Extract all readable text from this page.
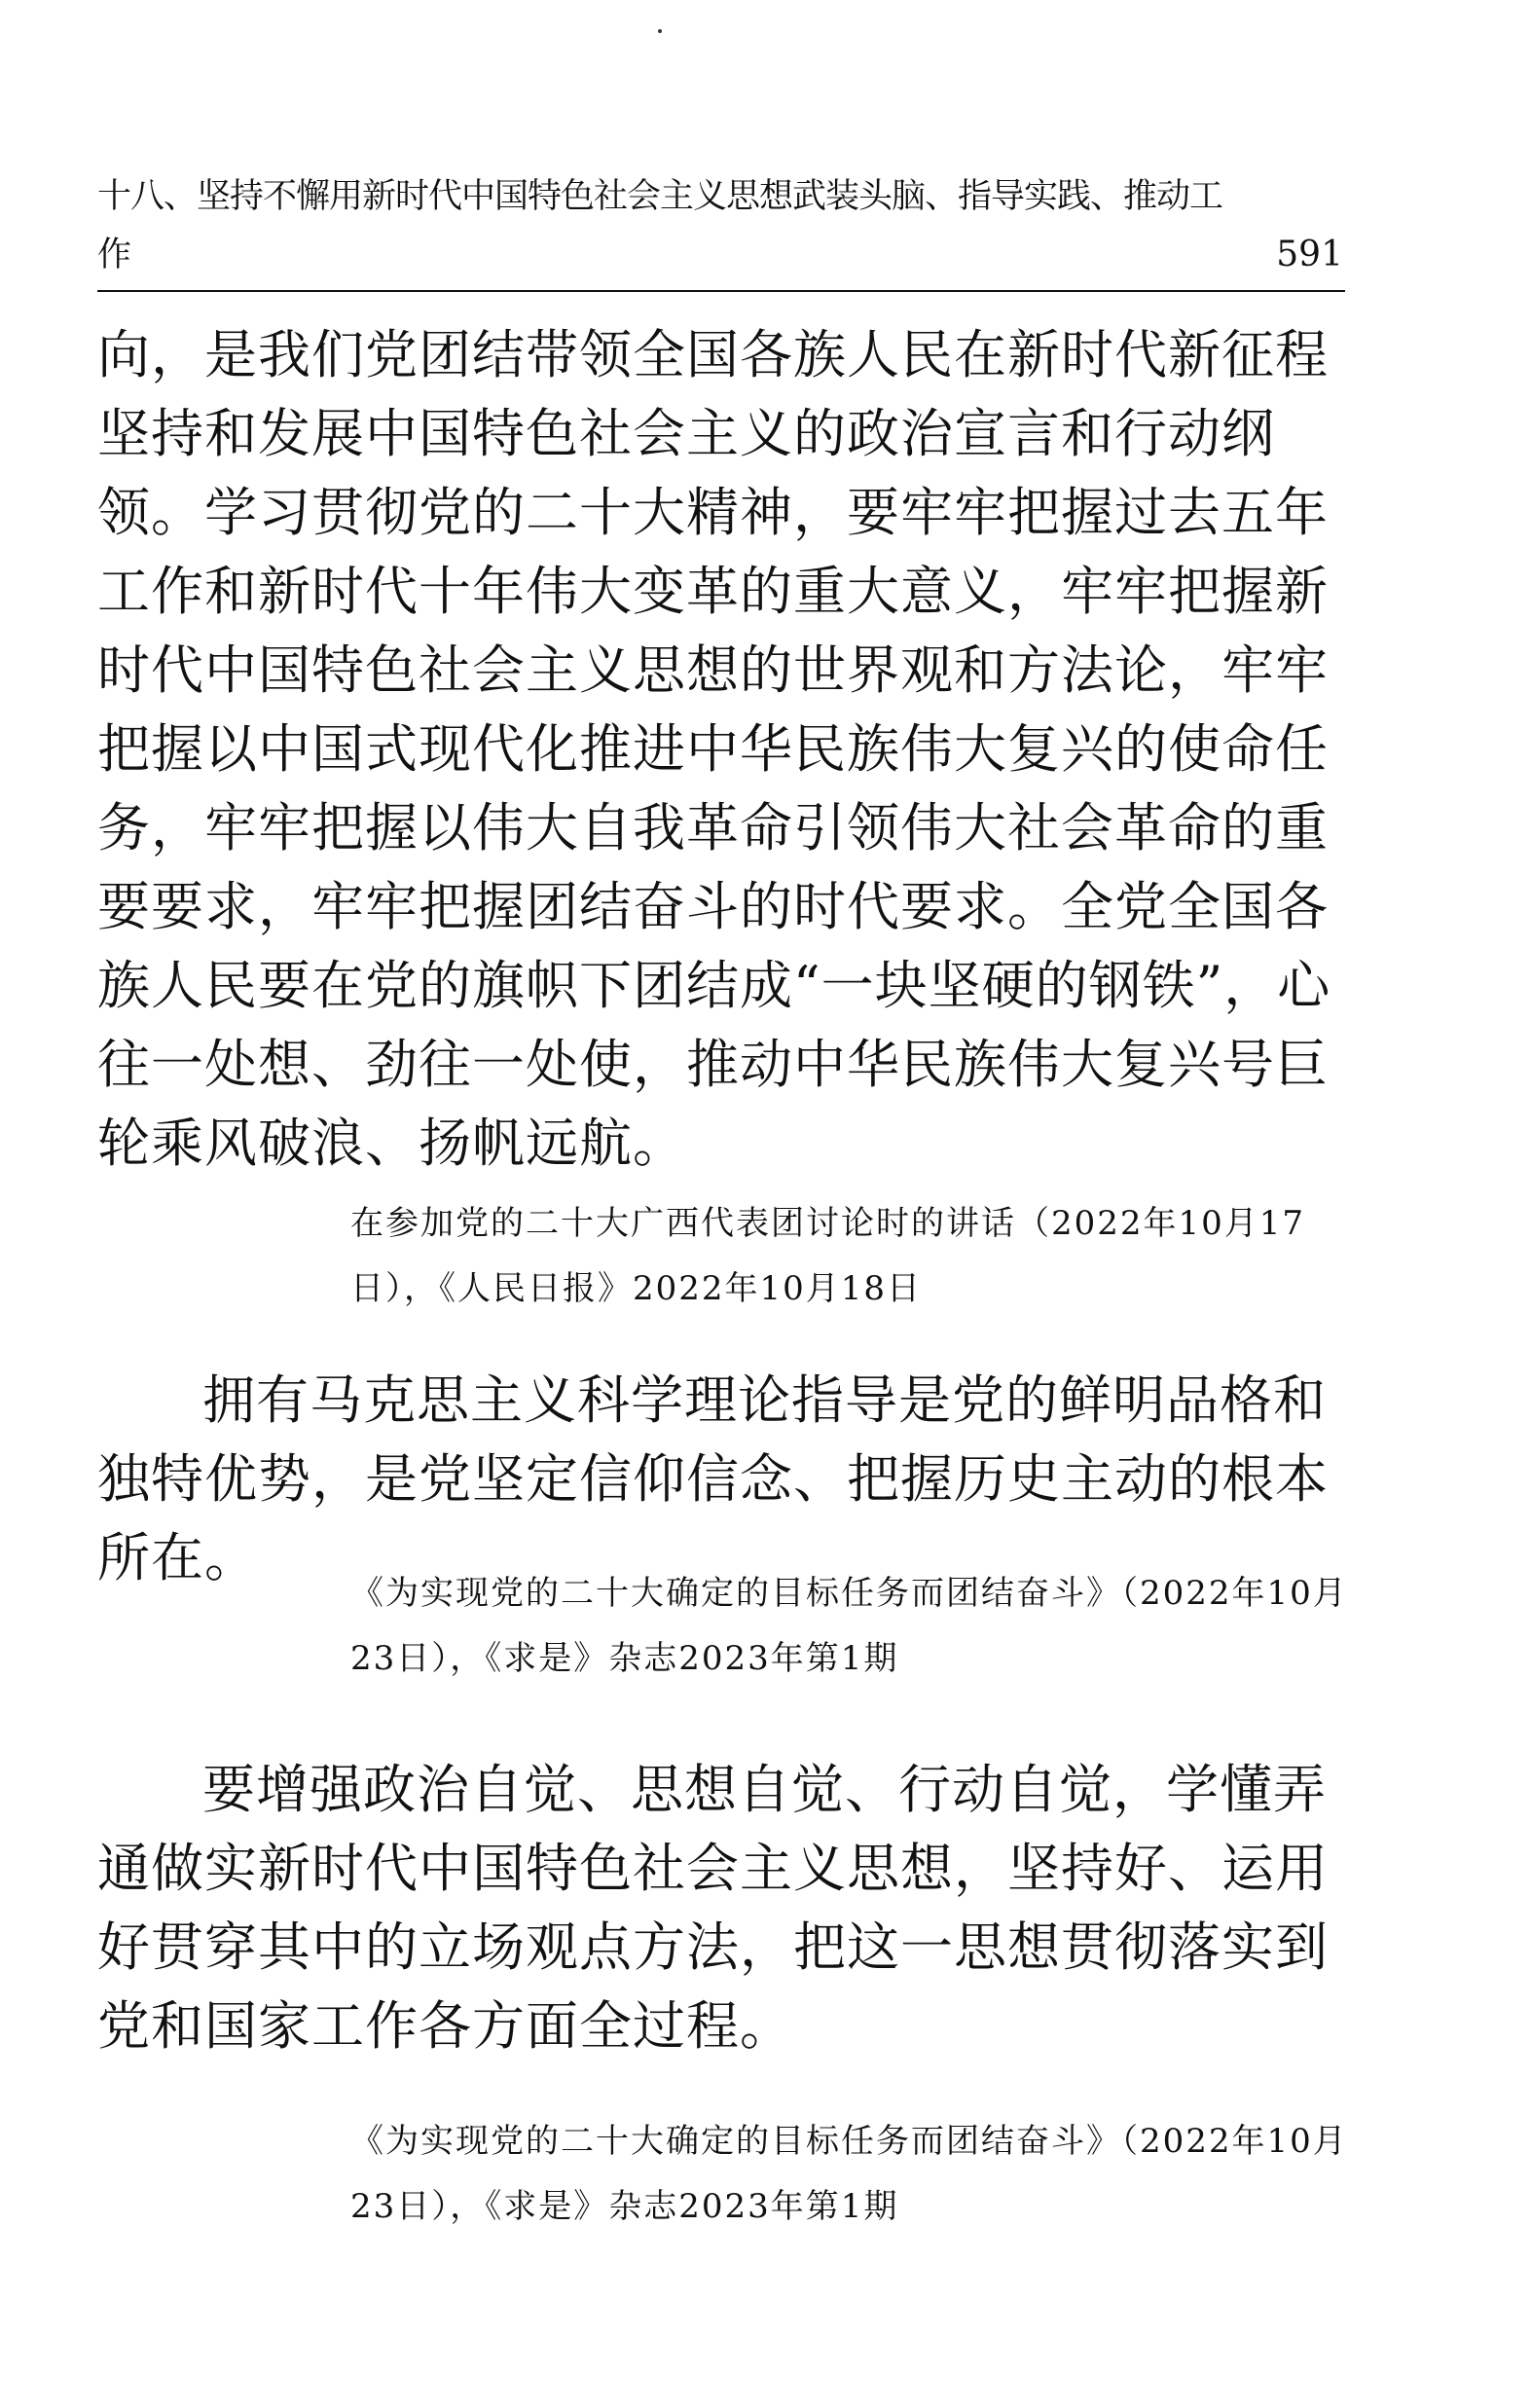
十八、坚持不懈用新时代中国特色社会主义思想武装头脑、指导实践、推动工作	591

向，是我们党团结带领全国各族人民在新时代新征程坚持和发展中国特色社会主义的政治宣言和行动纲领。学习贯彻党的二十大精神，要牢牢把握过去五年工作和新时代十年伟大变革的重大意义，牢牢把握新时代中国特色社会主义思想的世界观和方法论，牢牢把握以中国式现代化推进中华民族伟大复兴的使命任务，牢牢把握以伟大自我革命引领伟大社会革命的重要要求，牢牢把握团结奋斗的时代要求。全党全国各族人民要在党的旗帜下团结成“一块坚硬的钢铁”，心往一处想、劲往一处使，推动中华民族伟大复兴号巨轮乘风破浪、扬帆远航。

在参加党的二十大广西代表团讨论时的讲话（2022年10月17日），《人民日报》2022年10月18日

拥有马克思主义科学理论指导是党的鲜明品格和独特优势，是党坚定信仰信念、把握历史主动的根本所在。

《为实现党的二十大确定的目标任务而团结奋斗》（2022年10月23日），《求是》杂志2023年第1期

要增强政治自觉、思想自觉、行动自觉，学懂弄通做实新时代中国特色社会主义思想，坚持好、运用好贯穿其中的立场观点方法，把这一思想贯彻落实到党和国家工作各方面全过程。

《为实现党的二十大确定的目标任务而团结奋斗》（2022年10月23日），《求是》杂志2023年第1期
